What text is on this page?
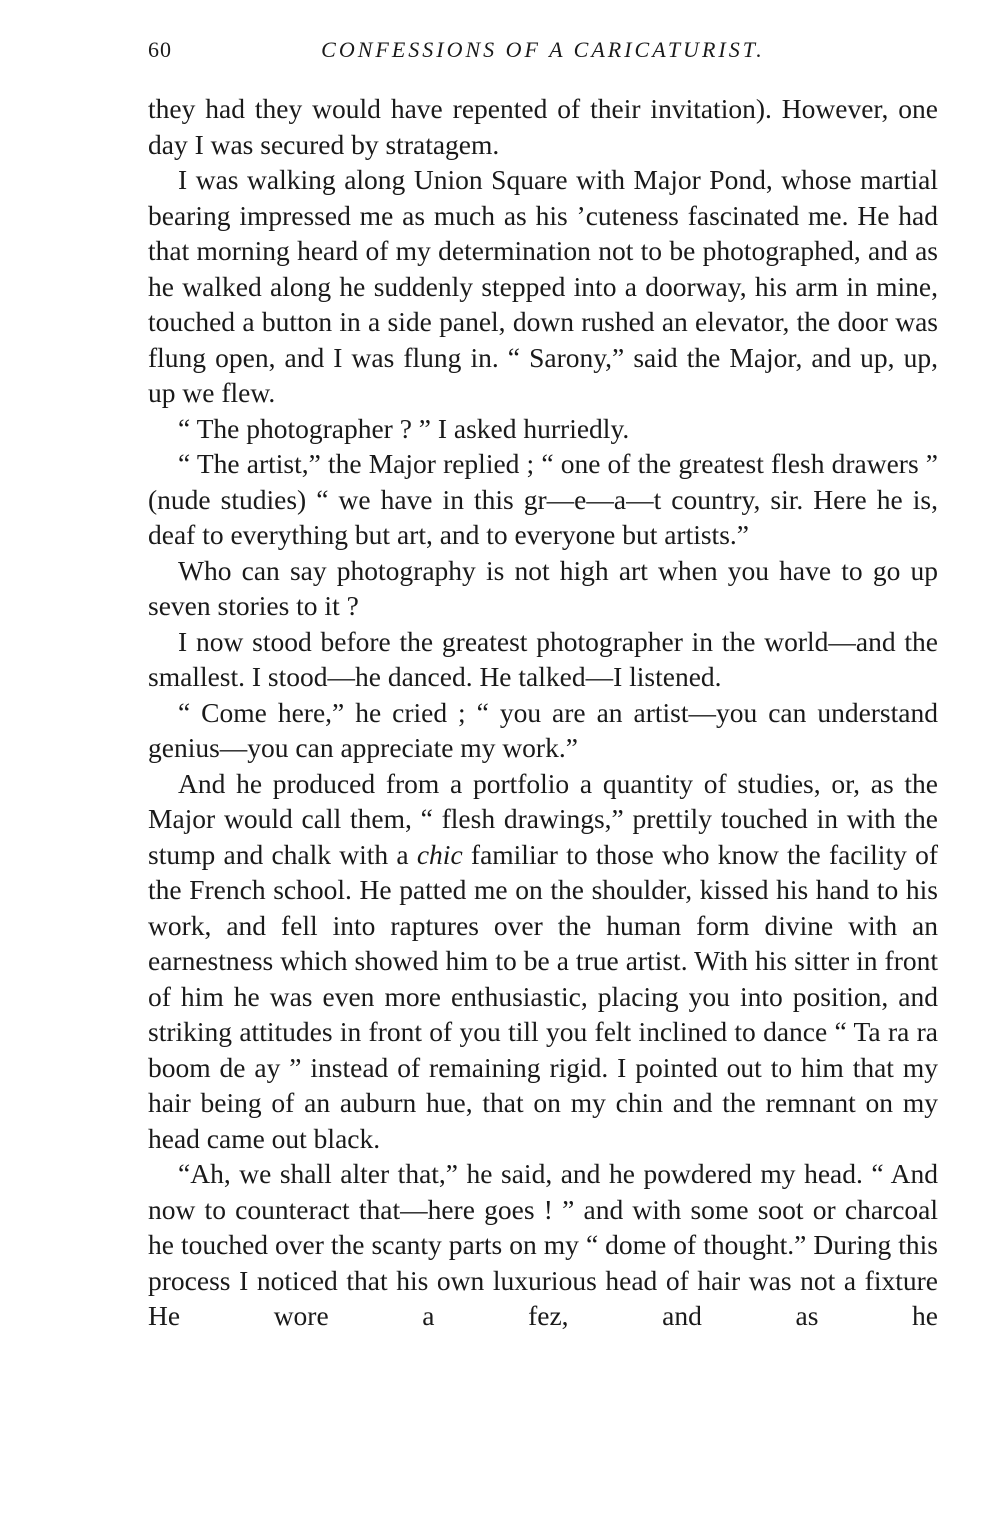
60	CONFESSIONS OF A CARICATURIST.

they had they would have repented of their invitation). However, one day I was secured by stratagem.

I was walking along Union Square with Major Pond, whose martial bearing impressed me as much as his ’cuteness fascinated me. He had that morning heard of my determination not to be photographed, and as he walked along he suddenly stepped into a doorway, his arm in mine, touched a button in a side panel, down rushed an elevator, the door was flung open, and I was flung in. “ Sarony,” said the Major, and up, up, up we flew.

“ The photographer ? ” I asked hurriedly.

“ The artist,” the Major replied ; “ one of the greatest flesh drawers ” (nude studies) “ we have in this gr—e—a—t country, sir. Here he is, deaf to everything but art, and to everyone but artists.”

Who can say photography is not high art when you have to go up seven stories to it ?

I now stood before the greatest photographer in the world—and the smallest. I stood—he danced. He talked—I listened.

“ Come here,” he cried ; “ you are an artist—you can understand genius—you can appreciate my work.”

And he produced from a portfolio a quantity of studies, or, as the Major would call them, “ flesh drawings,” prettily touched in with the stump and chalk with a chic familiar to those who know the facility of the French school. He patted me on the shoulder, kissed his hand to his work, and fell into raptures over the human form divine with an earnestness which showed him to be a true artist. With his sitter in front of him he was even more enthusiastic, placing you into position, and striking attitudes in front of you till you felt inclined to dance “ Ta ra ra boom de ay ” instead of remaining rigid. I pointed out to him that my hair being of an auburn hue, that on my chin and the remnant on my head came out black.

“Ah, we shall alter that,” he said, and he powdered my head. “ And now to counteract that—here goes ! ” and with some soot or charcoal he touched over the scanty parts on my “ dome of thought.” During this process I noticed that his own luxurious head of hair was not a fixture He wore a fez, and as he
